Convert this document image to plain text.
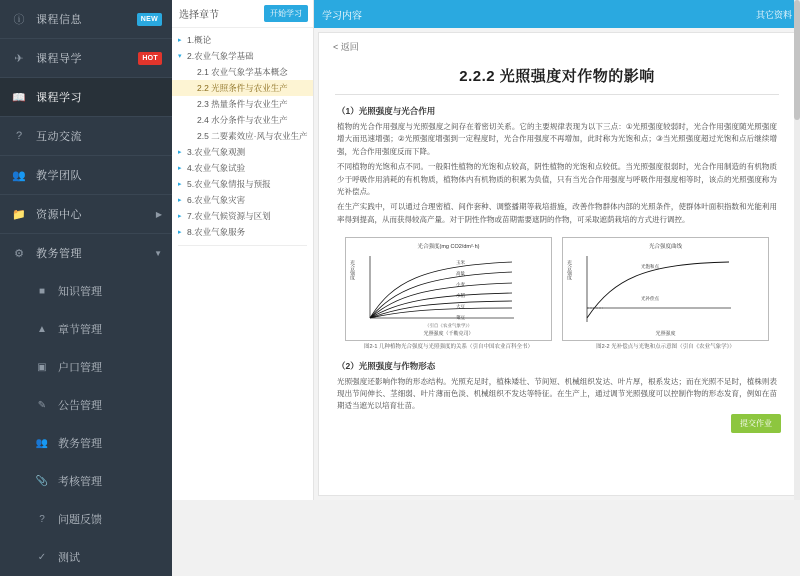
ⓘ	课程信息	NEW
✈	课程导学	HOT
📖 课程学习
?	互动交流
👥 教学团队
📁 资源中心	▶
⚙	教务管理	▼
■	知识管理
▲ 章节管理
▣ 户口管理
✎	公告管理
👥 教务管理
📎 考核管理
?	问题反馈
✓	测试
选择章节	开始学习
▸ 1.概论
▾ 2.农业气象学基础
2.1 农业气象学基本概念
2.2 光照条件与农业生产
2.3 热量条件与农业生产
2.4 水分条件与农业生产
2.5 二要素效应·风与农业生产
▸ 3.农业气象观测
▸ 4.农业气象试验
▸ 5.农业气象情报与预报
▸ 6.农业气象灾害
▸ 7.农业气候资源与区划
▸ 8.农业气象服务
学习内容	其它资料
< 返回
2.2.2 光照强度对作物的影响
（1）光照强度与光合作用

植物的光合作用强度与光照强度之间存在着密切关系。它的主要规律表现为以下三点：①光照强度较弱时，光合作用强度随光照强度增大而迅速增强；②光照强度增强到一定程度时，光合作用强度不再增加，此时称为光饱和点；③当光照强度超过光饱和点后继续增强，光合作用强度反而下降。

不同植物的光饱和点不同。一般阳性植物的光饱和点较高，阴性植物的光饱和点较低。当光照强度很弱时，光合作用制造的有机物质少于呼吸作用消耗的有机物质，植物体内有机物质的积累为负值，只有当光合作用强度与呼吸作用强度相等时，该点的光照强度称为光补偿点。

在生产实践中，可以通过合理密植、间作套种、调整播期等栽培措施，改善作物群体内部的光照条件，使群体叶面积指数和光能利用率得到提高，从而获得较高产量。对于阴性作物或苗期需要遮阴的作物，可采取遮荫栽培的方式进行调控。

光合强度(mg CO2/dm²·h)
光合强度	玉米
高粱
小麦
水稻
大豆
菜豆
光照强度（千勒克司）
（引自《农业气象学》）
图2-1 几种植物光合强度与光照强度的关系（引自中国农业百科全书）
光合强度曲线
光合强度	光饱和点
光补偿点
光照强度
图2-2 光补偿点与光饱和点示意图（引自《农业气象学》）
（2）光照强度与作物形态

光照强度还影响作物的形态结构。光照充足时，植株矮壮、节间短、机械组织发达、叶片厚，根系发达；而在光照不足时，植株则表现出节间伸长、茎细弱、叶片薄而色淡、机械组织不发达等特征。在生产上，通过调节光照强度可以控制作物的形态发育，例如在苗期适当遮光以培育壮苗。

提交作业
